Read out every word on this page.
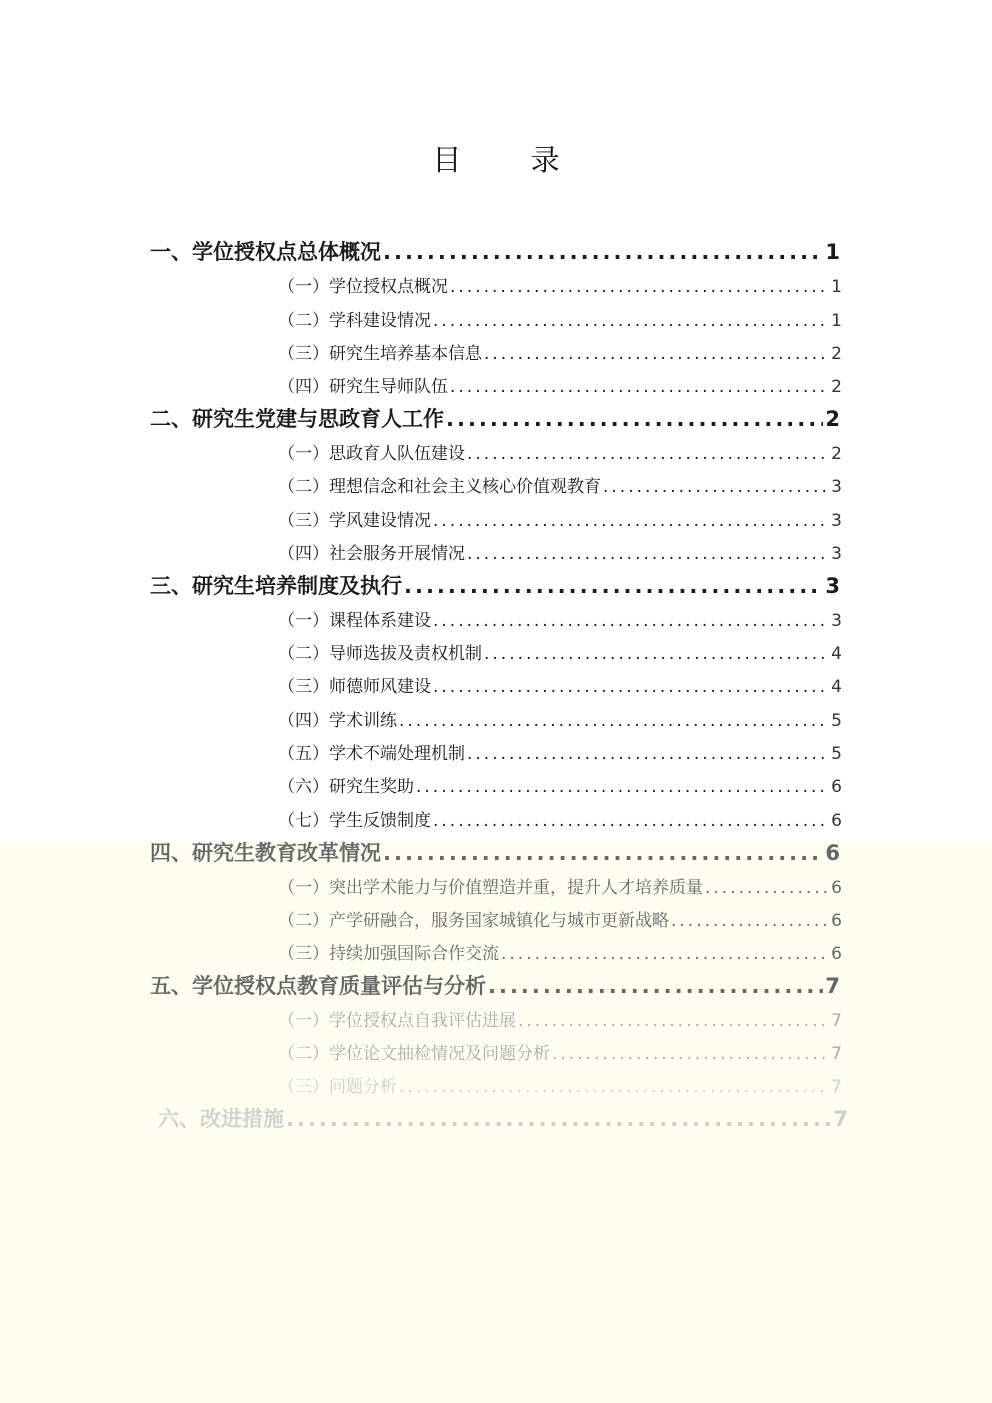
目 录
一、学位授权点总体概况 .....	1
（一）学位授权点概况 .....	1
（二）学科建设情况 .....	1
（三）研究生培养基本信息 .....	2
（四）研究生导师队伍 .....	2
二、研究生党建与思政育人工作 .....	2
（一）思政育人队伍建设 .....	2
（二）理想信念和社会主义核心价值观教育 .....	3
（三）学风建设情况 .....	3
（四）社会服务开展情况 .....	3
三、研究生培养制度及执行 .....	3
（一）课程体系建设 .....	3
（二）导师选拔及责权机制 .....	4
（三）师德师风建设 .....	4
（四）学术训练 .....	5
（五）学术不端处理机制 .....	5
（六）研究生奖助 .....	6
（七）学生反馈制度 .....	6
四、研究生教育改革情况 .....	6
（一）突出学术能力与价值塑造并重，提升人才培养质量 .....	6
（二）产学研融合，服务国家城镇化与城市更新战略 .....	6
（三）持续加强国际合作交流 .....	6
五、学位授权点教育质量评估与分析 .....	7
（一）学位授权点自我评估进展 .....	7
（二）学位论文抽检情况及问题分析 .....	7
（三）问题分析 .....	7
六、改进措施 .....	7
